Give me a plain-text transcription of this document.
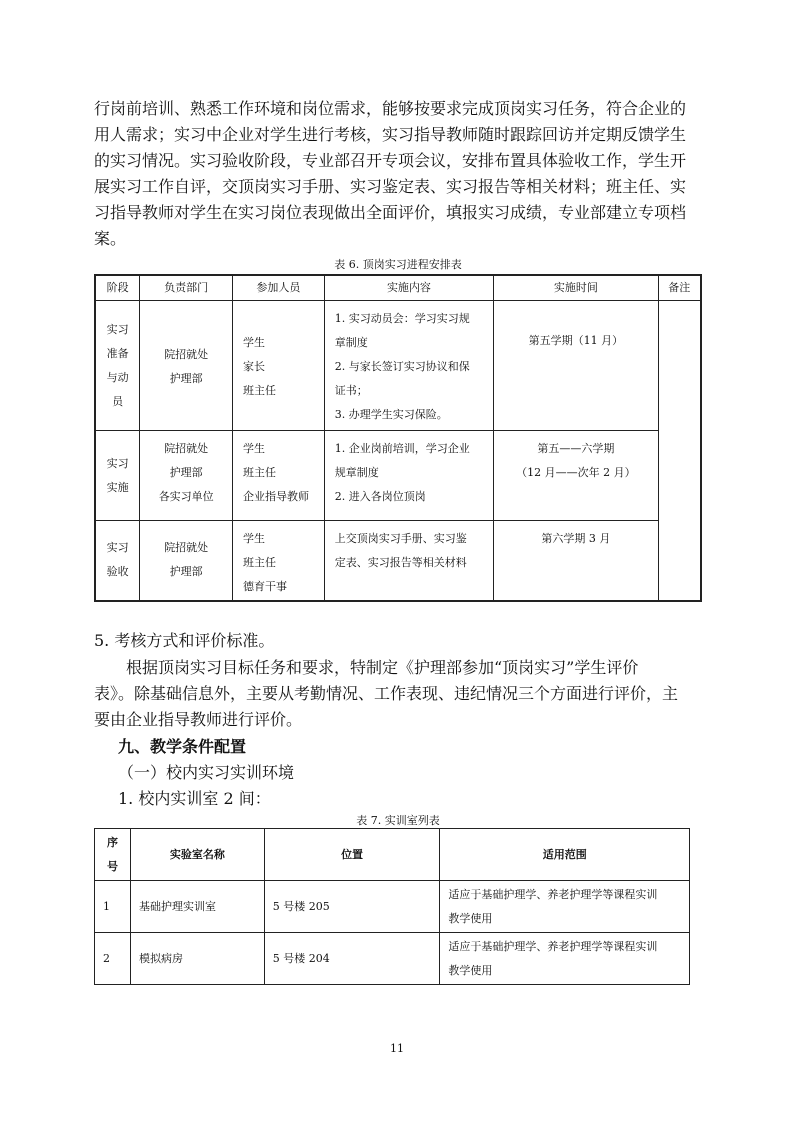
行岗前培训、熟悉工作环境和岗位需求，能够按要求完成顶岗实习任务，符合企业的

用人需求；实习中企业对学生进行考核，实习指导教师随时跟踪回访并定期反馈学生

的实习情况。实习验收阶段，专业部召开专项会议，安排布置具体验收工作，学生开

展实习工作自评，交顶岗实习手册、实习鉴定表、实习报告等相关材料；班主任、实

习指导教师对学生在实习岗位表现做出全面评价，填报实习成绩，专业部建立专项档

案。

表 6. 顶岗实习进程安排表

阶段	负责部门	参加人员	实施内容	实施时间	备注

实习
准备
与动
员	院招就处
护理部	学生
家长
班主任	1. 实习动员会：学习实习规
章制度
2. 与家长签订实习协议和保
证书；
3. 办理学生实习保险。	第五学期（11 月）	

实习
实施	院招就处
护理部
各实习单位	学生
班主任
企业指导教师	1. 企业岗前培训，学习企业
规章制度
2. 进入各岗位顶岗	第五——六学期
（12 月——次年 2 月）	

实习
验收	院招就处
护理部	学生
班主任
德育干事	上交顶岗实习手册、实习鉴
定表、实习报告等相关材料	第六学期 3 月	

5. 考核方式和评价标准。

根据顶岗实习目标任务和要求，特制定《护理部参加“顶岗实习”学生评价

表》。除基础信息外，主要从考勤情况、工作表现、违纪情况三个方面进行评价，主

要由企业指导教师进行评价。

九、教学条件配置

（一）校内实习实训环境

1. 校内实训室 2 间：

表 7. 实训室列表

序
号	实验室名称	位置	适用范围
1	基础护理实训室	5 号楼 205	适应于基础护理学、养老护理学等课程实训
教学使用

2	模拟病房	5 号楼 204	适应于基础护理学、养老护理学等课程实训
教学使用
11
